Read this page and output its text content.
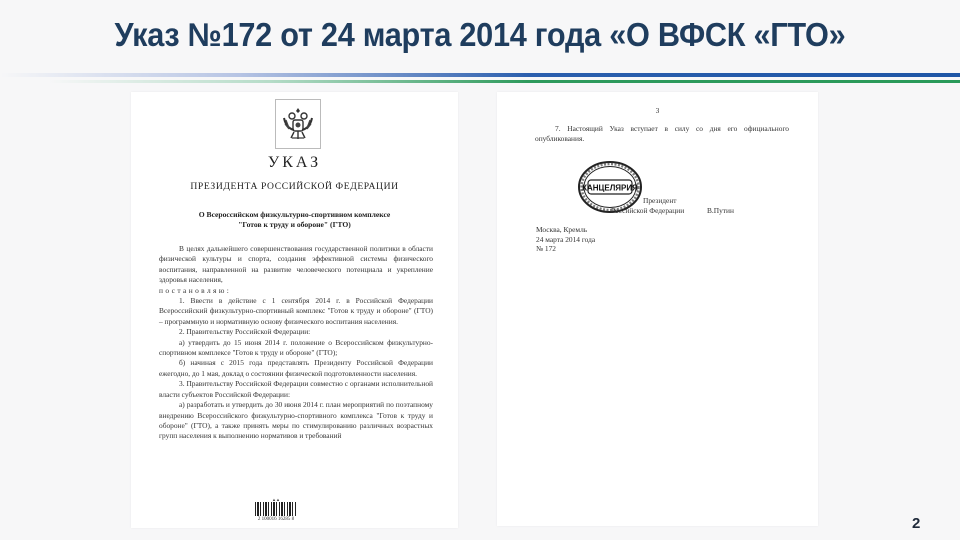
Указ №172 от 24 марта 2014 года «О ВФСК «ГТО»
УКАЗ
ПРЕЗИДЕНТА РОССИЙСКОЙ ФЕДЕРАЦИИ
О Всероссийском физкультурно-спортивном комплексе
"Готов к труду и обороне" (ГТО)

В целях дальнейшего совершенствования государственной политики в области физической культуры и спорта, создания эффективной системы физического воспитания, направленной на развитие человеческого потенциала и укрепление здоровья населения,

постановляю:

1. Ввести в действие с 1 сентября 2014 г. в Российской Федерации Всероссийский физкультурно-спортивный комплекс "Готов к труду и обороне" (ГТО) – программную и нормативную основу физического воспитания населения.

2. Правительству Российской Федерации:

а) утвердить до 15 июня 2014 г. положение о Всероссийском физкультурно-спортивном комплексе "Готов к труду и обороне" (ГТО);

б) начиная с 2015 года представлять Президенту Российской Федерации ежегодно, до 1 мая, доклад о состоянии физической подготовленности населения.

3. Правительству Российской Федерации совместно с органами исполнительной власти субъектов Российской Федерации:

а) разработать и утвердить до 30 июня 2014 г. план мероприятий по поэтапному внедрению Всероссийского физкультурно-спортивного комплекса "Готов к труду и обороне" (ГТО), а также принять меры по стимулированию различных возрастных групп населения к выполнению нормативов и требований

▲▲
2 100016 16285 8
3

7. Настоящий Указ вступает в силу со дня его официального опубликования.

КАНЦЕЛЯРИЯ
Президент
Российской Федерации	В.Путин
Москва, Кремль
24 марта 2014 года
№ 172
2
